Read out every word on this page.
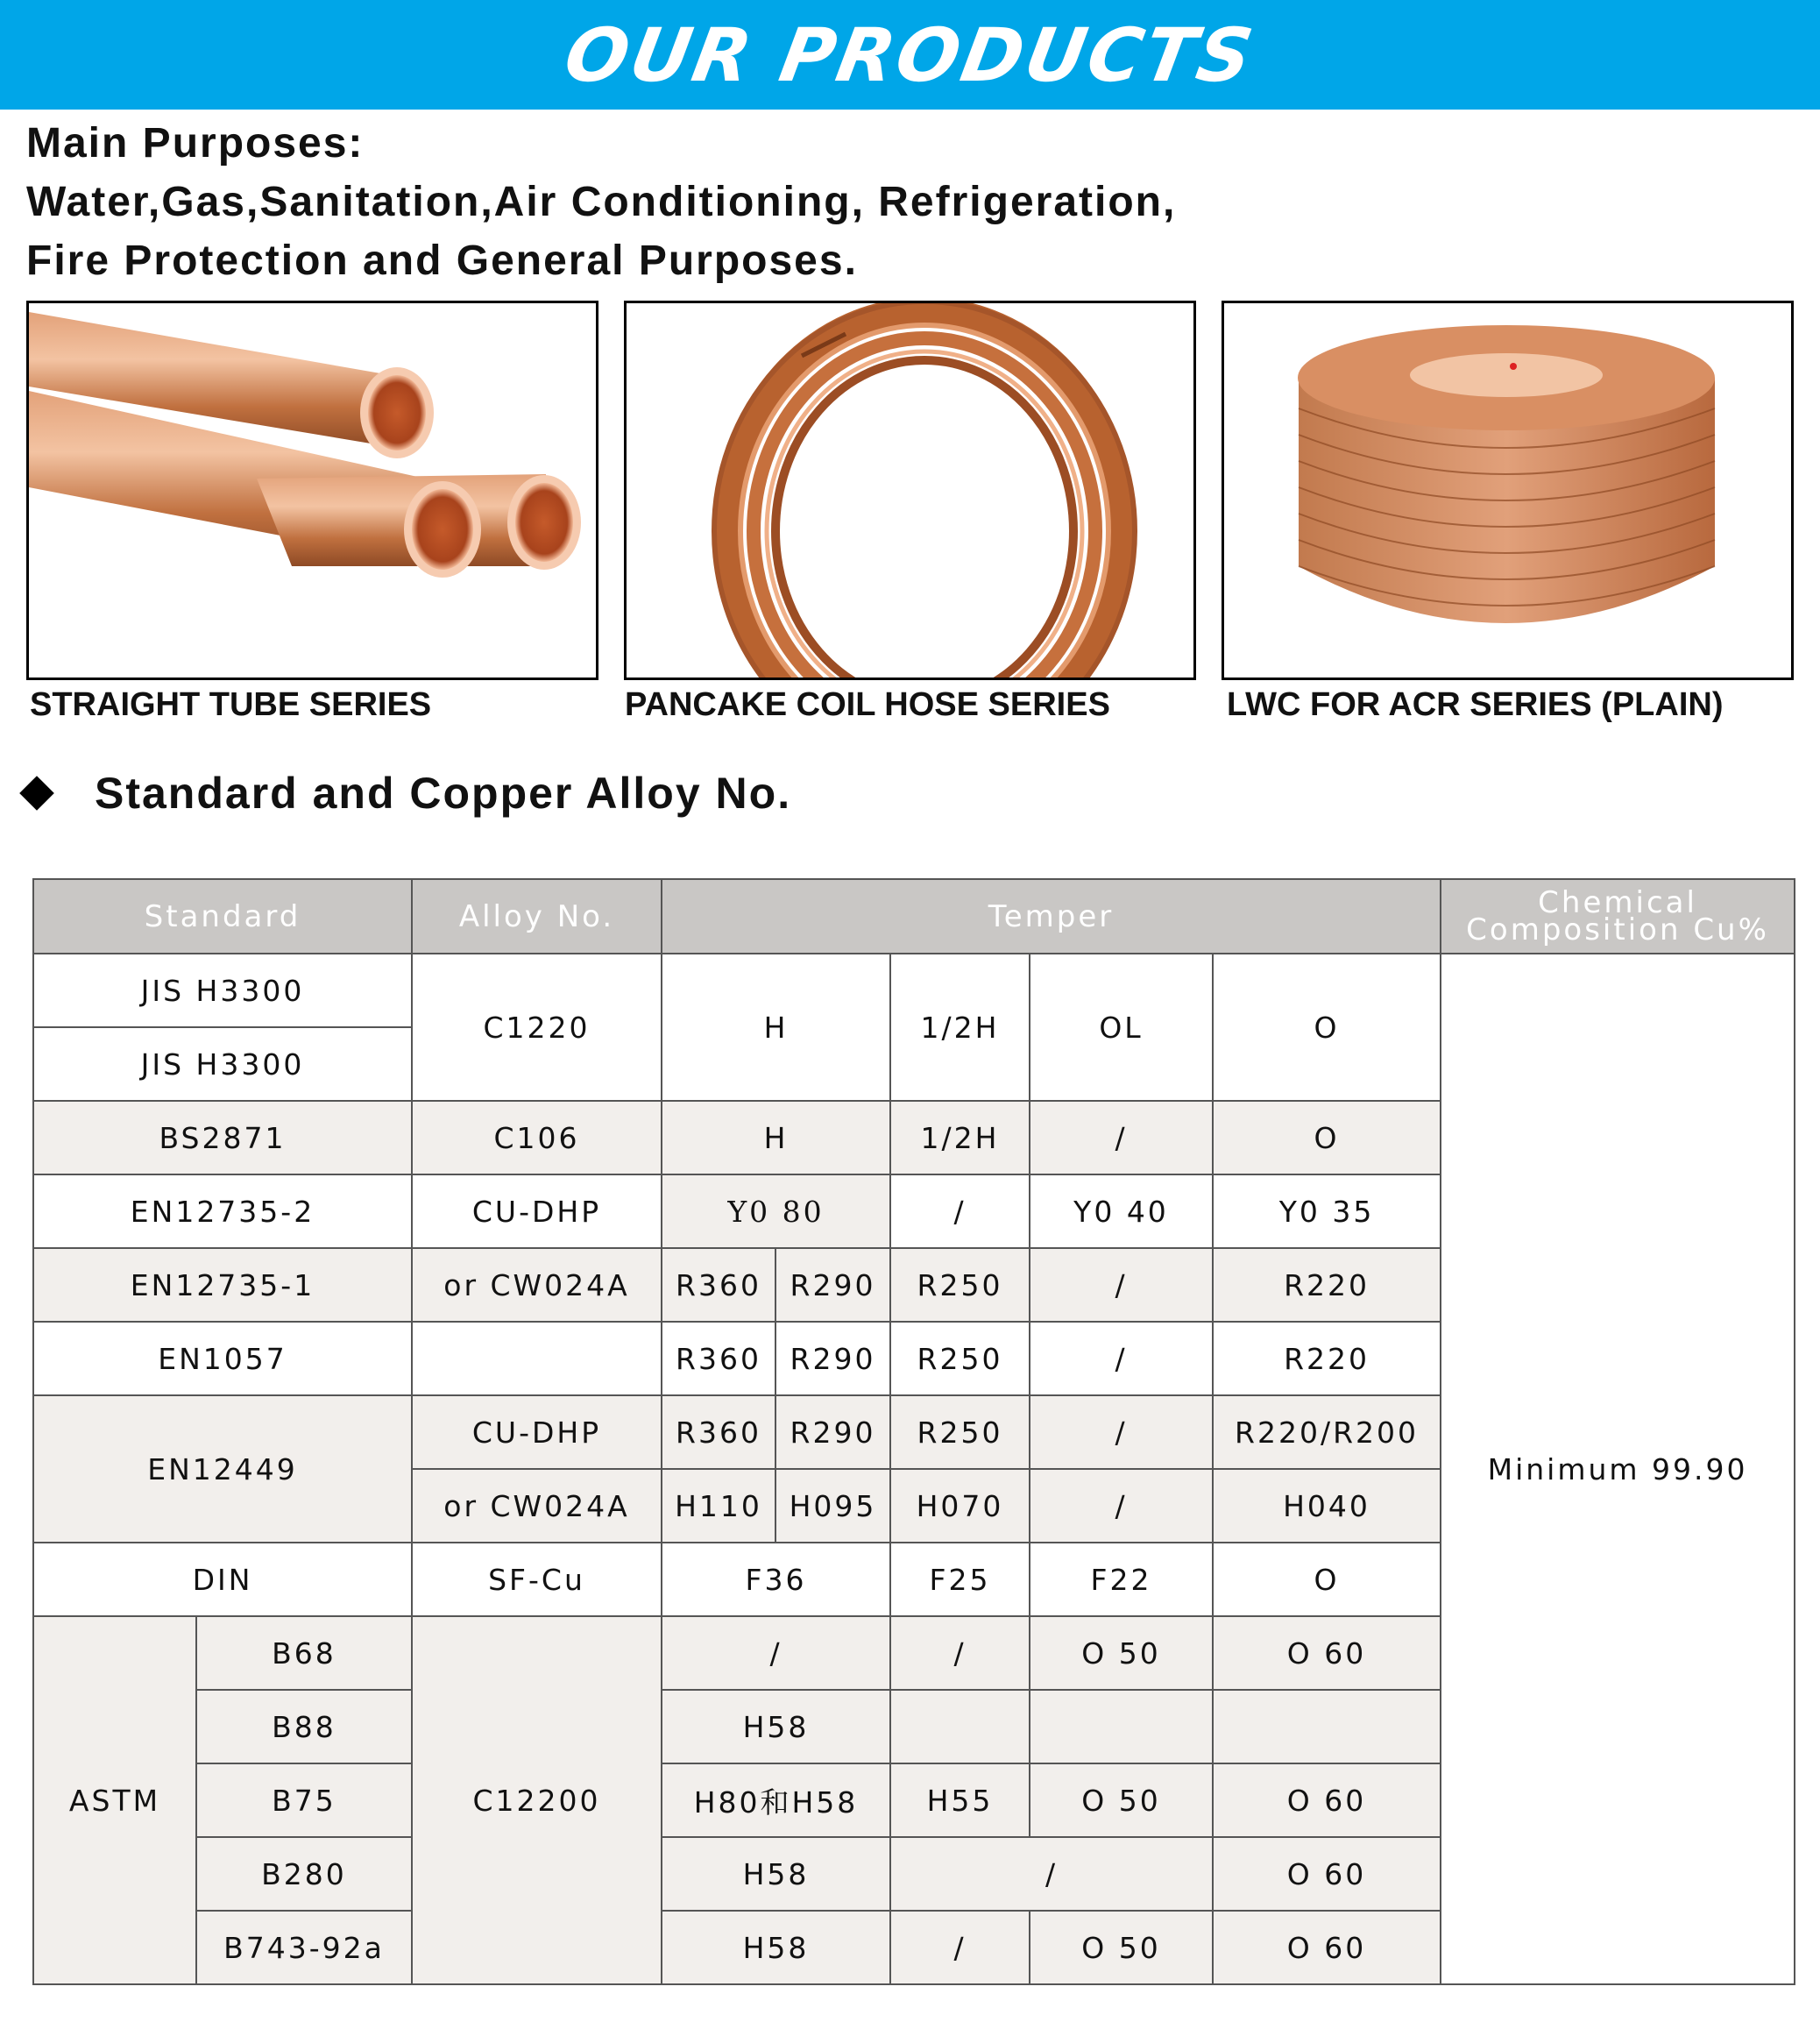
OUR PRODUCTS
Main Purposes:
Water,Gas,Sanitation,Air Conditioning, Refrigeration,
Fire Protection and General Purposes.
STRAIGHT TUBE SERIES	PANCAKE COIL HOSE SERIES	LWC FOR ACR SERIES (PLAIN)
Standard and Copper Alloy No.
Standard		Alloy No.	Temper					Chemical
Composition Cu%

JIS H3300		C1220	H		1/2H	OL	O	Minimum 99.90
JIS H3300								
BS2871		C106	H		1/2H	/	O	
EN12735-2		CU-DHP	Y0 80		/	Y0 40	Y0 35	
EN12735-1		or CW024A	R360	R290	R250	/	R220	
EN1057			R360	R290	R250	/	R220	
EN12449		CU-DHP	R360	R290	R250	/	R220/R200	
		or CW024A	H110	H095	H070	/	H040	
DIN		SF-Cu	F36		F25	F22	O	
ASTM	B68	C12200	/		/	O 50	O 60	
	B88		H58					
	B75		H80和H58		H55	O 50	O 60	
	B280		H58		/		O 60	
	B743-92a		H58		/	O 50	O 60	
